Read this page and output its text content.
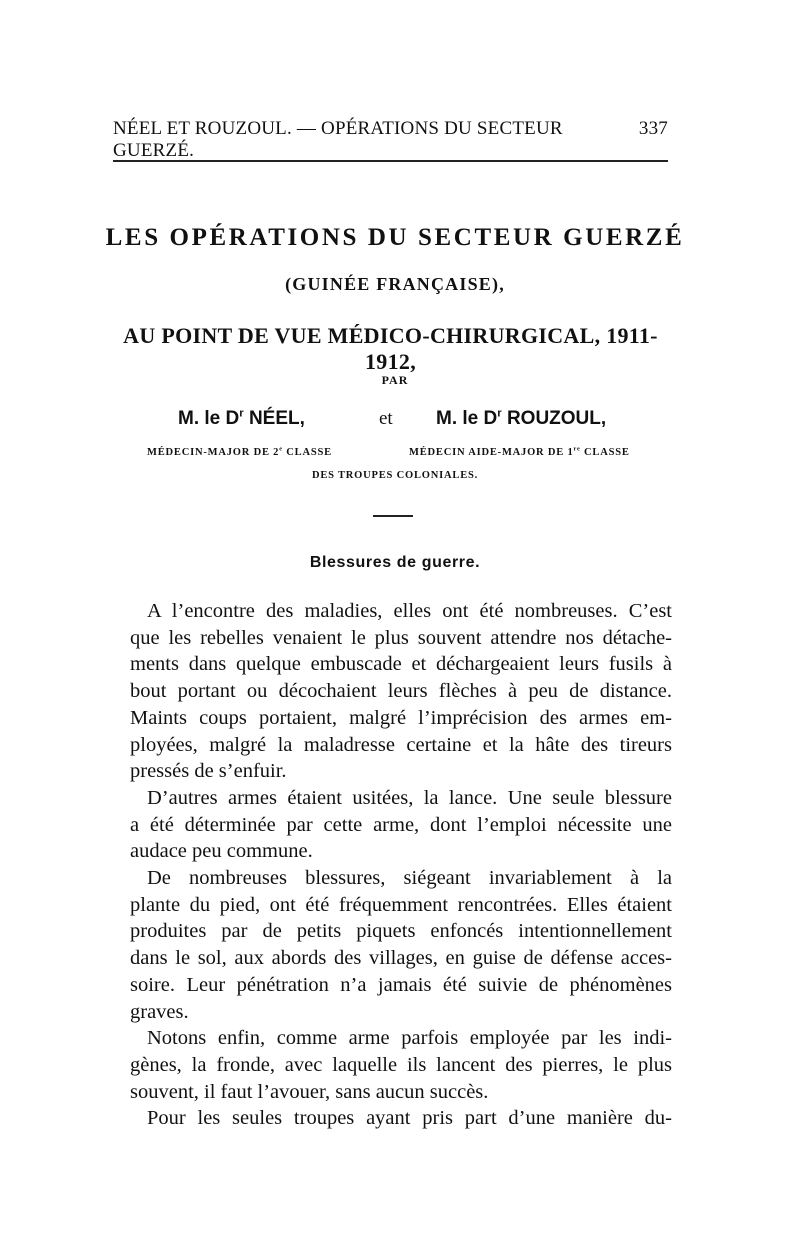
NÉEL ET ROUZOUL. — OPÉRATIONS DU SECTEUR GUERZÉ.
337
LES OPÉRATIONS DU SECTEUR GUERZÉ
(GUINÉE FRANÇAISE),
AU POINT DE VUE MÉDICO-CHIRURGICAL, 1911-1912,
PAR
M. le $D^r$ NÉEL,	et M. le $D^r$ ROUZOUL,
MÉDECIN-MAJOR DE 2e CLASSE	MÉDECIN AIDE-MAJOR DE 1re CLASSE
DES TROUPES COLONIALES.
Blessures de guerre.
A l’encontre des maladies, elles ont été nombreuses. C’est
que les rebelles venaient le plus souvent attendre nos détache-
ments dans quelque embuscade et déchargeaient leurs fusils à
bout portant ou décochaient leurs flèches à peu de distance.
Maints coups portaient, malgré l’imprécision des armes em-
ployées, malgré la maladresse certaine et la hâte des tireurs
pressés de s’enfuir.
D’autres armes étaient usitées, la lance. Une seule blessure
a été déterminée par cette arme, dont l’emploi nécessite une
audace peu commune.
De nombreuses blessures, siégeant invariablement à la
plante du pied, ont été fréquemment rencontrées. Elles étaient
produites par de petits piquets enfoncés intentionnellement
dans le sol, aux abords des villages, en guise de défense acces-
soire. Leur pénétration n’a jamais été suivie de phénomènes
graves.
Notons enfin, comme arme parfois employée par les indi-
gènes, la fronde, avec laquelle ils lancent des pierres, le plus
souvent, il faut l’avouer, sans aucun succès.
Pour les seules troupes ayant pris part d’une manière du-
